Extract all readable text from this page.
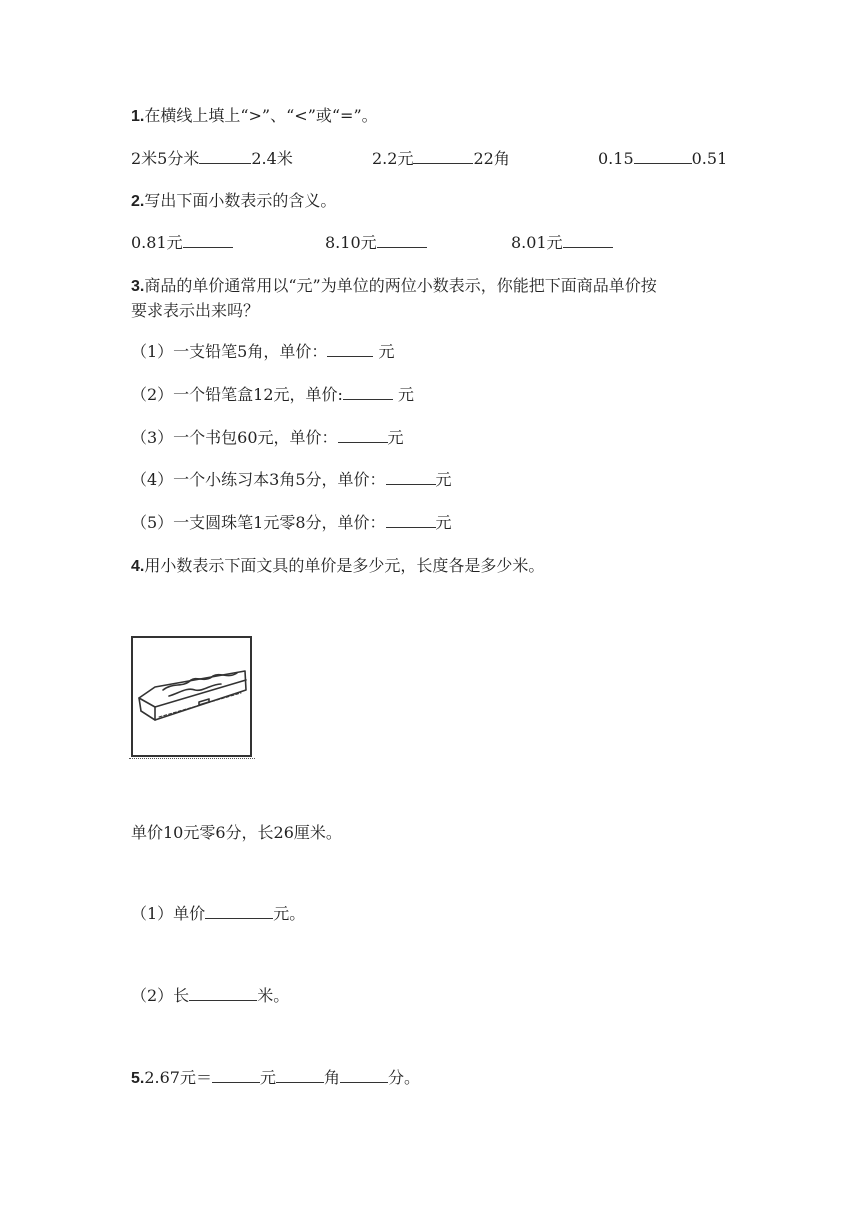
1.在横线上填上“>”、“<”或“=”。
2米5分米	2.4米	2.2元	22角	0.15	0.51
2.写出下面小数表示的含义。
0.81元	8.10元	8.01元
3.商品的单价通常用以“元”为单位的两位小数表示，你能把下面商品单价按
要求表示出来吗？
（1）一支铅笔5角，单价：	元
（2）一个铅笔盒12元，单价:	元
（3）一个书包60元，单价：	元
（4）一个小练习本3角5分，单价：	元
（5）一支圆珠笔1元零8分，单价：	元
4.用小数表示下面文具的单价是多少元，长度各是多少米。
单价10元零6分，长26厘米。
（1）单价	元。
（2）长	米。
5.2.67元＝	元	角	分。
